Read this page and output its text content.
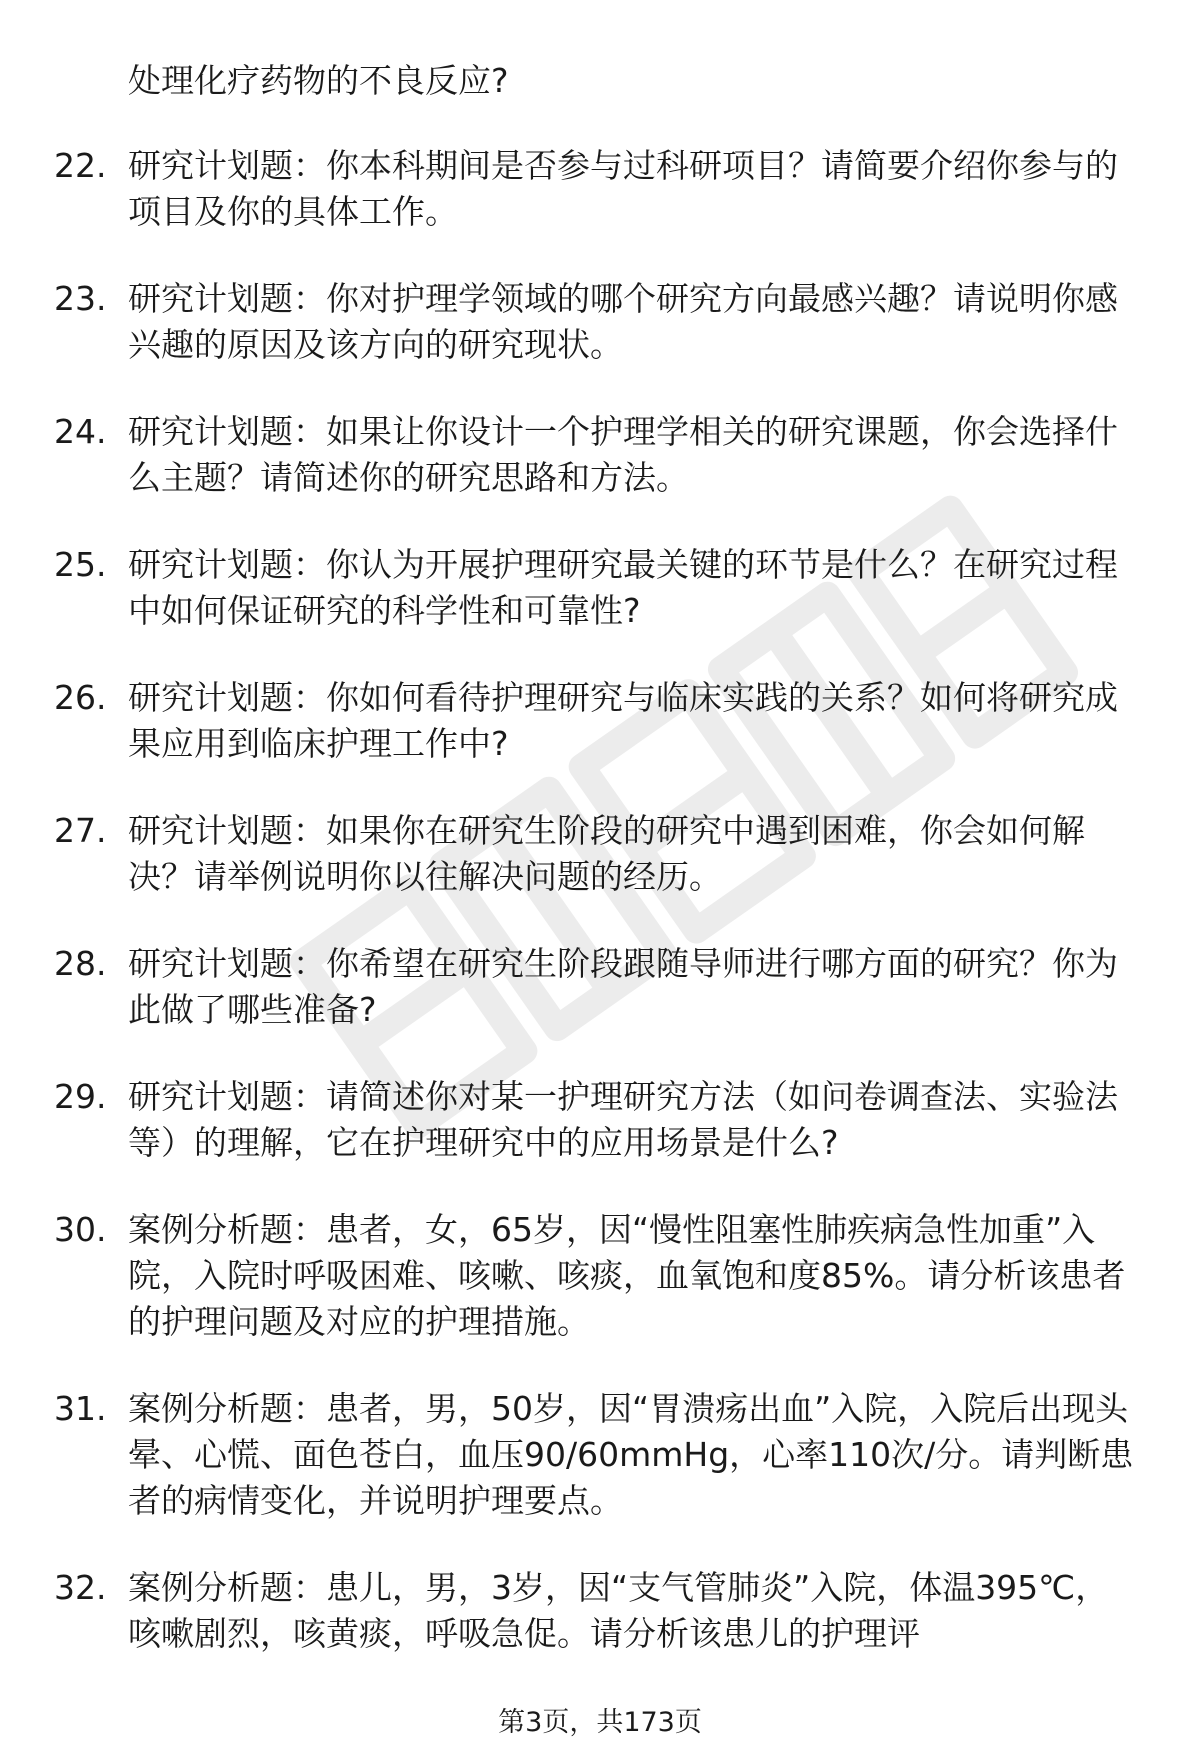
处理化疗药物的不良反应?
22. 研究计划题：你本科期间是否参与过科研项目？请简要介绍你参与的项目及你的具体工作。
23. 研究计划题：你对护理学领域的哪个研究方向最感兴趣？请说明你感兴趣的原因及该方向的研究现状。
24. 研究计划题：如果让你设计一个护理学相关的研究课题，你会选择什么主题？请简述你的研究思路和方法。
25. 研究计划题：你认为开展护理研究最关键的环节是什么？在研究过程中如何保证研究的科学性和可靠性?
26. 研究计划题：你如何看待护理研究与临床实践的关系？如何将研究成果应用到临床护理工作中?
27. 研究计划题：如果你在研究生阶段的研究中遇到困难，你会如何解决？请举例说明你以往解决问题的经历。
28. 研究计划题：你希望在研究生阶段跟随导师进行哪方面的研究？你为此做了哪些准备?
29. 研究计划题：请简述你对某一护理研究方法（如问卷调查法、实验法等）的理解，它在护理研究中的应用场景是什么?
30. 案例分析题：患者，女，65岁，因“慢性阻塞性肺疾病急性加重”入院，入院时呼吸困难、咳嗽、咳痰，血氧饱和度85%。请分析该患者的护理问题及对应的护理措施。
31. 案例分析题：患者，男，50岁，因“胃溃疡出血”入院，入院后出现头晕、心慌、面色苍白，血压90/60mmHg，心率110次/分。请判断患者的病情变化，并说明护理要点。
32. 案例分析题：患儿，男，3岁，因“支气管肺炎”入院，体温395℃，咳嗽剧烈，咳黄痰，呼吸急促。请分析该患儿的护理评
第3页，共173页
